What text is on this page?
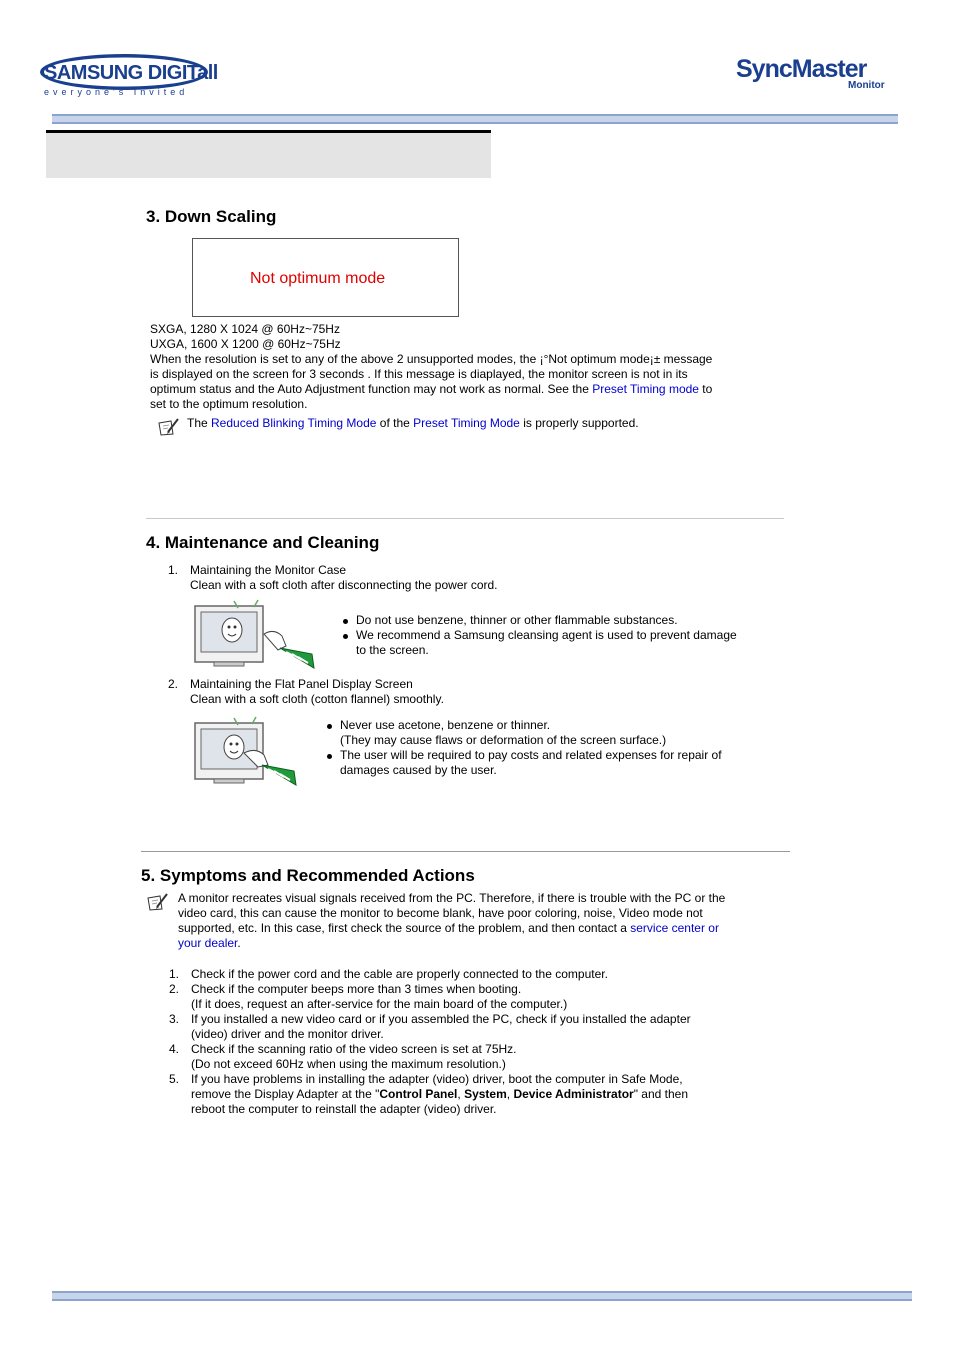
SAMSUNG DIGITall
everyone's Invited
SyncMaster
Monitor
3. Down Scaling
Not optimum mode
SXGA, 1280 X 1024 @ 60Hz~75Hz
UXGA, 1600 X 1200 @ 60Hz~75Hz
When the resolution is set to any of the above 2 unsupported modes, the ¡°Not optimum mode¡± message
is displayed on the screen for 3 seconds . If this message is diaplayed, the monitor screen is not in its
optimum status and the Auto Adjustment function may not work as normal. See the Preset Timing mode to
set to the optimum resolution.
The Reduced Blinking Timing Mode of the Preset Timing Mode is properly supported.
4. Maintenance and Cleaning
1. Maintaining the Monitor Case
Clean with a soft cloth after disconnecting the power cord.
Do not use benzene, thinner or other flammable substances.
We recommend a Samsung cleansing agent is used to prevent damage to the screen.
2. Maintaining the Flat Panel Display Screen
Clean with a soft cloth (cotton flannel) smoothly.
Never use acetone, benzene or thinner.
(They may cause flaws or deformation of the screen surface.)
The user will be required to pay costs and related expenses for repair of damages caused by the user.
5. Symptoms and Recommended Actions
A monitor recreates visual signals received from the PC. Therefore, if there is trouble with the PC or the
video card, this can cause the monitor to become blank, have poor coloring, noise, Video mode not
supported, etc. In this case, first check the source of the problem, and then contact a service center or
your dealer.
1. Check if the power cord and the cable are properly connected to the computer.
2. Check if the computer beeps more than 3 times when booting.
(If it does, request an after-service for the main board of the computer.)
3. If you installed a new video card or if you assembled the PC, check if you installed the adapter
(video) driver and the monitor driver.
4. Check if the scanning ratio of the video screen is set at 75Hz.
(Do not exceed 60Hz when using the maximum resolution.)
5. If you have problems in installing the adapter (video) driver, boot the computer in Safe Mode,
remove the Display Adapter at the "Control Panel, System, Device Administrator" and then
reboot the computer to reinstall the adapter (video) driver.
